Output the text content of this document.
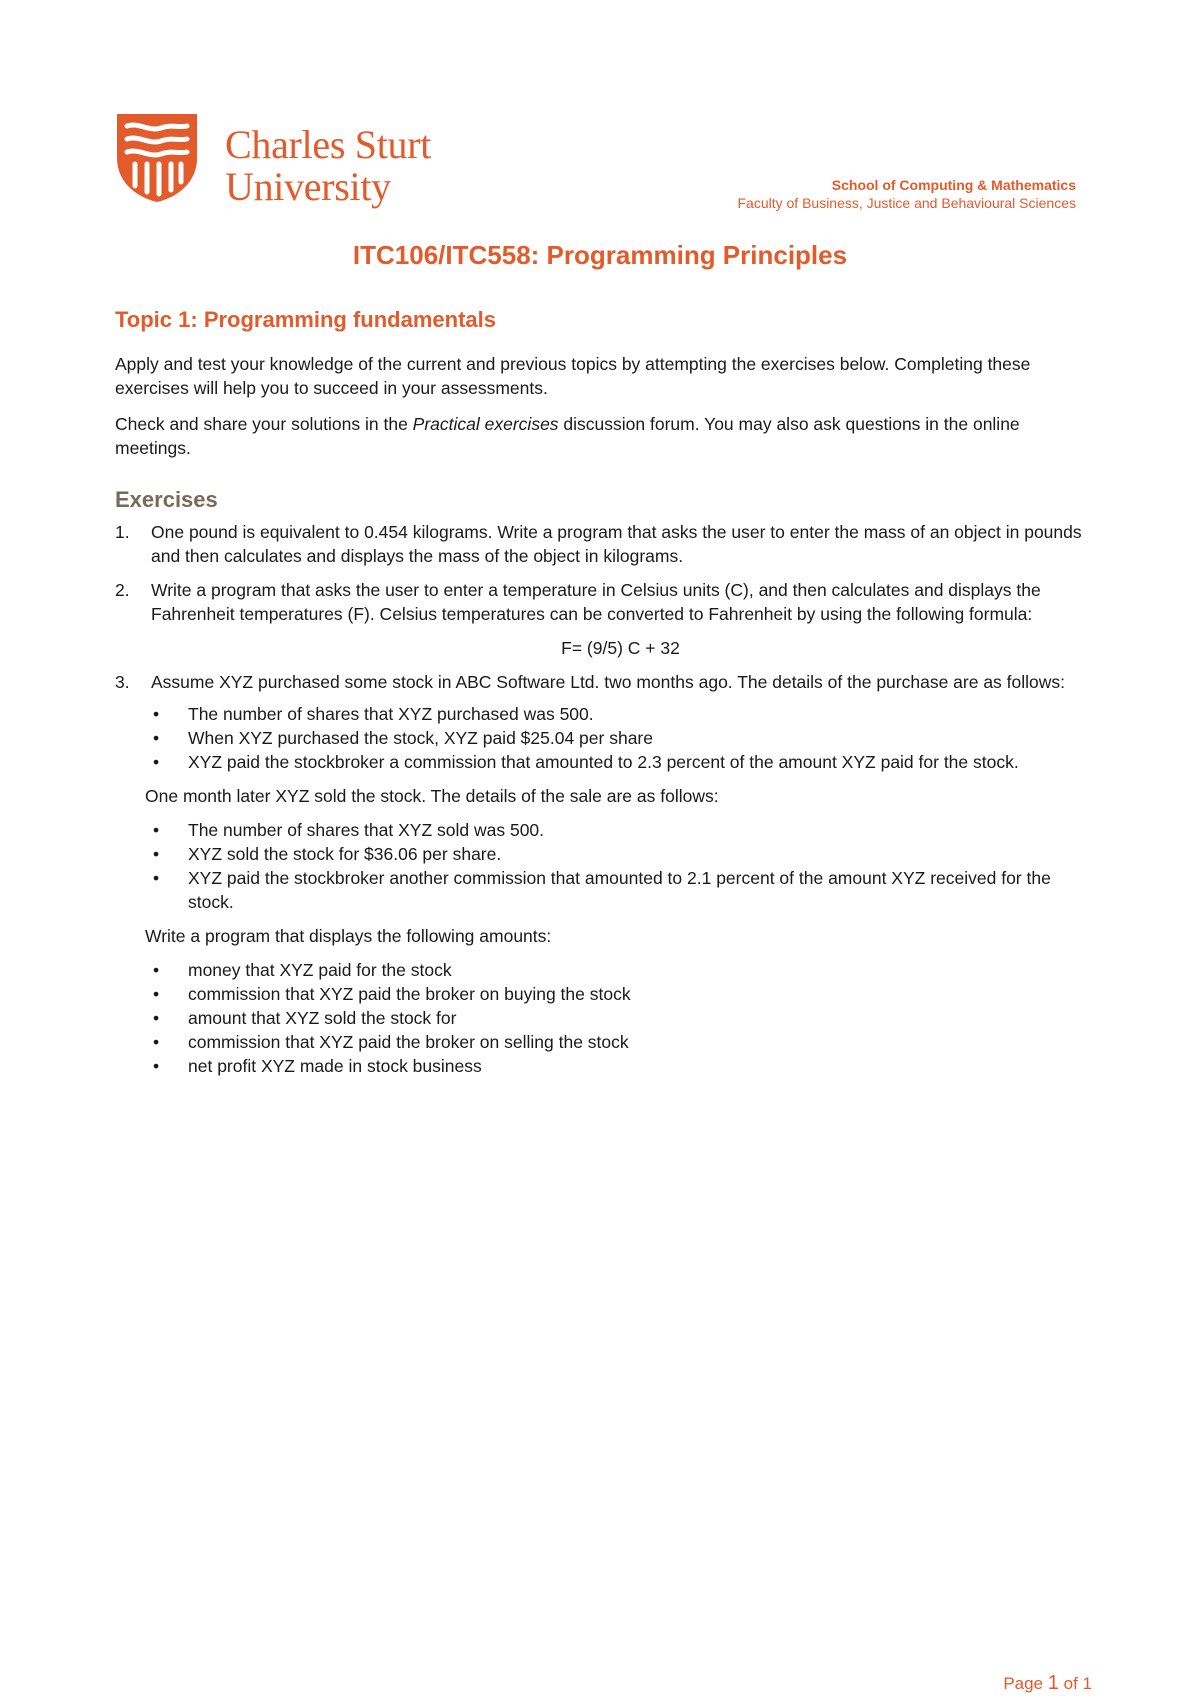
Charles Sturt
University	School of Computing & Mathematics
Faculty of Business, Justice and Behavioural Sciences
ITC106/ITC558: Programming Principles
Topic 1: Programming fundamentals

Apply and test your knowledge of the current and previous topics by attempting the exercises below. Completing these exercises will help you to succeed in your assessments.

Check and share your solutions in the Practical exercises discussion forum. You may also ask questions in the online meetings.

Exercises
1. One pound is equivalent to 0.454 kilograms. Write a program that asks the user to enter the mass of an object in pounds and then calculates and displays the mass of the object in kilograms.
2. Write a program that asks the user to enter a temperature in Celsius units (C), and then calculates and displays the Fahrenheit temperatures (F). Celsius temperatures can be converted to Fahrenheit by using the following formula:
F= (9/5) C + 32
3. Assume XYZ purchased some stock in ABC Software Ltd. two months ago. The details of the purchase are as follows:
• The number of shares that XYZ purchased was 500.
• When XYZ purchased the stock, XYZ paid $25.04 per share
• XYZ paid the stockbroker a commission that amounted to 2.3 percent of the amount XYZ paid for the stock.
One month later XYZ sold the stock. The details of the sale are as follows:
• The number of shares that XYZ sold was 500.
• XYZ sold the stock for $36.06 per share.
• XYZ paid the stockbroker another commission that amounted to 2.1 percent of the amount XYZ received for the stock.
Write a program that displays the following amounts:
• money that XYZ paid for the stock
• commission that XYZ paid the broker on buying the stock
• amount that XYZ sold the stock for
• commission that XYZ paid the broker on selling the stock
• net profit XYZ made in stock business
Page 1 of 1
